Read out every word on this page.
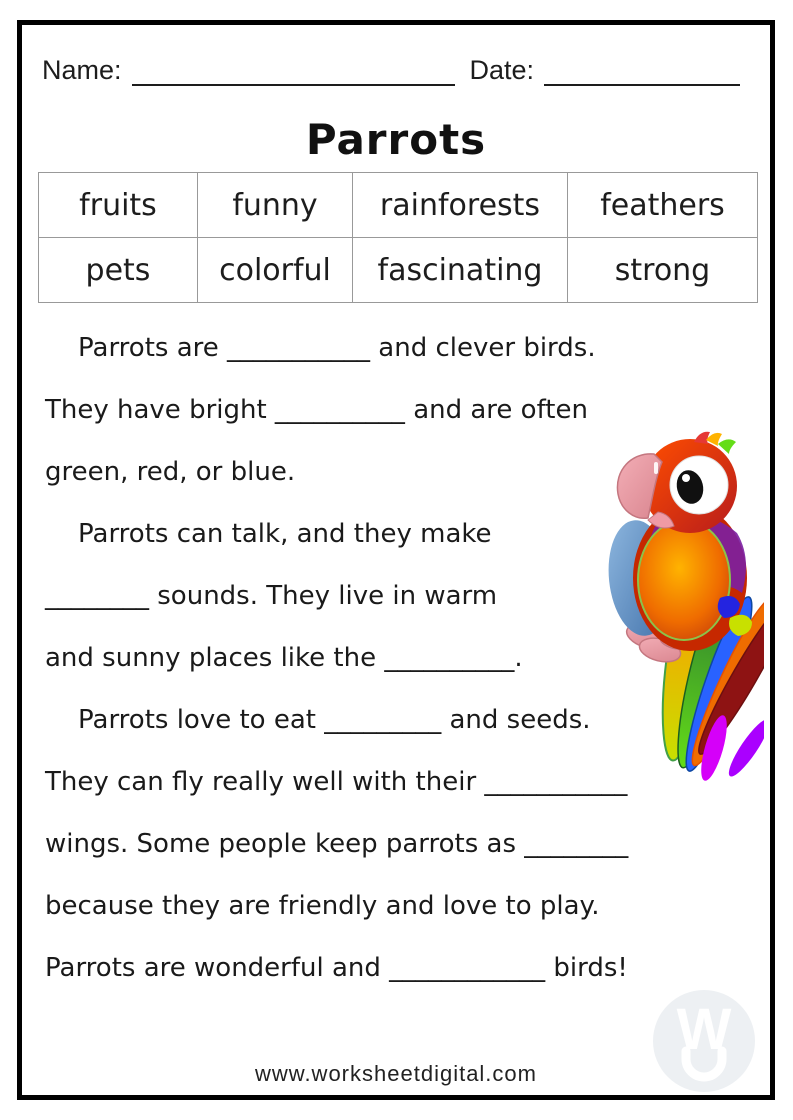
Name:	Date:
Parrots
fruits	funny	rainforests	feathers
pets	colorful	fascinating	strong
Parrots are ___________ and clever birds.
They have bright __________ and are often
green, red, or blue.
Parrots can talk, and they make
________ sounds. They live in warm
and sunny places like the __________.
Parrots love to eat _________ and seeds.
They can fly really well with their ___________
wings. Some people keep parrots as ________
because they are friendly and love to play.
Parrots are wonderful and ____________ birds!
W
www.worksheetdigital.com
